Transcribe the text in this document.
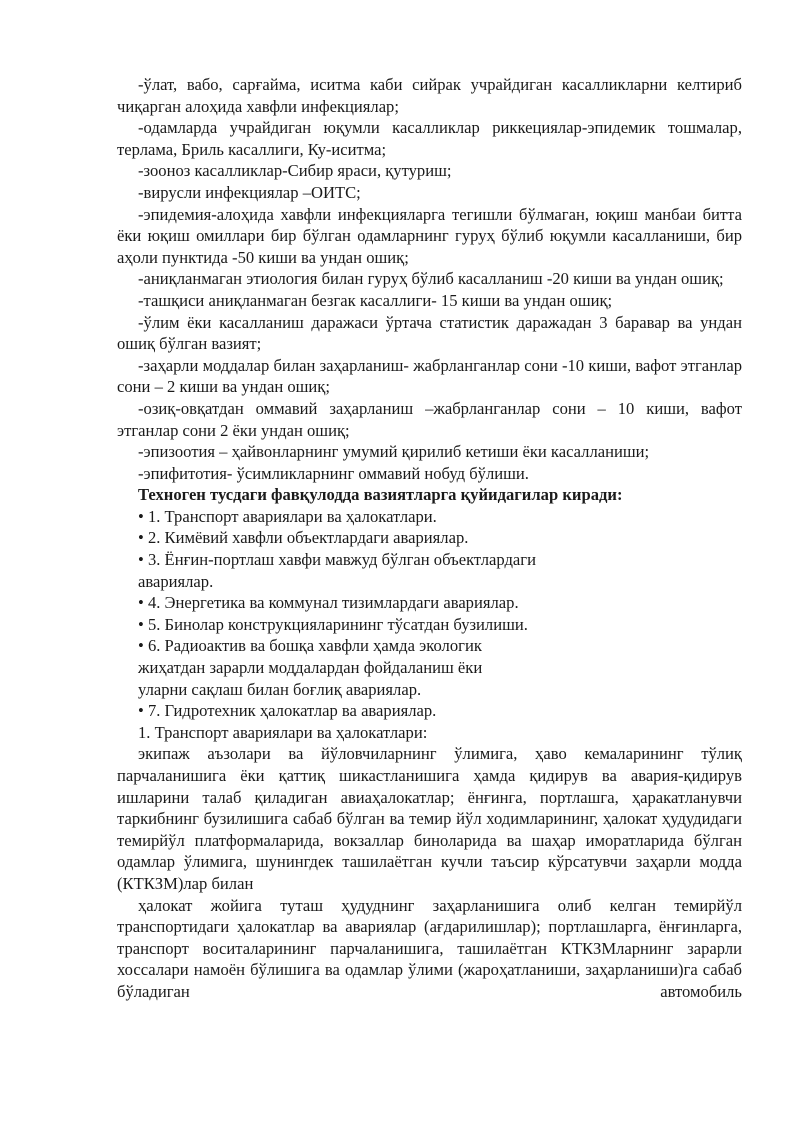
-ўлат, вабо, сарғайма, иситма каби сийрак учрайдиган касалликларни келтириб чиқарган алоҳида хавфли инфекциялар;

-одамларда учрайдиган юқумли касалликлар риккециялар-эпидемик тошмалар, терлама, Бриль касаллиги, Ку-иситма;

-зооноз касалликлар-Сибир яраси, қутуриш;

-вирусли инфекциялар –ОИТС;

-эпидемия-алоҳида хавфли инфекцияларга тегишли бўлмаган, юқиш манбаи битта ёки юқиш омиллари бир бўлган одамларнинг гуруҳ бўлиб юқумли касалланиши, бир аҳоли пунктида -50 киши ва ундан ошиқ;

-аниқланмаган этиология билан гуруҳ бўлиб касалланиш -20 киши ва ундан ошиқ;

-ташқиси аниқланмаган безгак касаллиги- 15 киши ва ундан ошиқ;

-ўлим ёки касалланиш даражаси ўртача статистик даражадан 3 баравар ва ундан ошиқ бўлган вазият;

-заҳарли моддалар билан заҳарланиш- жабрланганлар сони -10 киши, вафот этганлар сони – 2 киши ва ундан ошиқ;

-озиқ-овқатдан оммавий заҳарланиш –жабрланганлар сони – 10 киши, вафот этганлар сони 2 ёки ундан ошиқ;

-эпизоотия – ҳайвонларнинг умумий қирилиб кетиши ёки касалланиши;

-эпифитотия- ўсимликларнинг оммавий нобуд бўлиши.

Техноген тусдаги фавқулодда вазиятларга қуйидагилар киради:

• 1. Транспорт авариялари ва ҳалокатлари.

• 2. Кимёвий хавфли объектлардаги авариялар.

• 3. Ёнғин-портлаш хавфи мавжуд бўлган объектлардаги авариялар.

• 4. Энергетика ва коммунал тизимлардаги авариялар.

• 5. Бинолар конструкцияларининг тўсатдан бузилиши.

• 6. Радиоактив ва бошқа хавфли ҳамда экологик жиҳатдан зарарли моддалардан фойдаланиш ёки уларни сақлаш билан боғлиқ авариялар.

• 7. Гидротехник ҳалокатлар ва авариялар.

1. Транспорт авариялари ва ҳалокатлари:

экипаж аъзолари ва йўловчиларнинг ўлимига, ҳаво кемаларининг тўлиқ парчаланишига ёки қаттиқ шикастланишига ҳамда қидирув ва авария-қидирув ишларини талаб қиладиган авиаҳалокатлар; ёнғинга, портлашга, ҳаракатланувчи таркибнинг бузилишига сабаб бўлган ва темир йўл ходимларининг, ҳалокат ҳудудидаги темирйўл платформаларида, вокзаллар биноларида ва шаҳар иморатларида бўлган одамлар ўлимига, шунингдек ташилаётган кучли таъсир кўрсатувчи заҳарли модда (КТКЗМ)лар билан

ҳалокат жойига туташ ҳудуднинг заҳарланишига олиб келган темирйўл транспортидаги ҳалокатлар ва авариялар (ағдарилишлар); портлашларга, ёнғинларга, транспорт воситаларининг парчаланишига, ташилаётган КТКЗМларнинг зарарли хоссалари намоён бўлишига ва одамлар ўлими (жароҳатланиши, заҳарланиши)га сабаб бўладиган автомобиль
